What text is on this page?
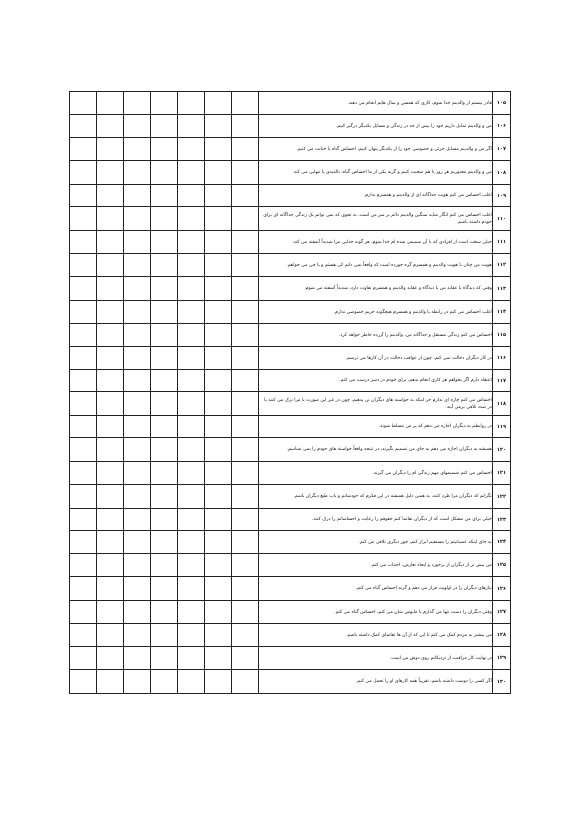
							قادر نیستم از والدینم جدا شوم، کاری که همسن و سال هایم انجام می دهند.	۱۰۵
							من و والدینم تمایل داریم خود را بیش از حد در زندگی و مسایل یکدیگر درگیر کنیم.	۱۰۶
							اگر من و والدینم مسایل جزئی و خصوصی خود را از یکدیگر پنهان کنیم، احساس گناه یا خیانت می کنیم.	۱۰۷
							من و والدینم مجبوریم هر روز یا هم صحبت کنیم و گرنه یکی از ما احساس گناه، ناامیدی یا تنهایی می کند.	۱۰۸
							اغلب احساس می کنم هویت جداگانه ای از والدینم و همسرم ندارم.	۱۰۹
							اغلب احساس می کنم انگار سایه سنگین والدینم دائم بر سر من است، به نحوی که نمی توانم یک زندگی جداگانه ای برای خودم داشته باشم.	۱۱۰
							خیلی سخت است از افرادی که با آن صمیمی شده ام جدا شوم، هر گونه جدایی مرا شدیداً آشفته می کند.	۱۱۱
							هویت من چنان با هویت والدینم و همسرم گره خورده است که واقعاً نمی دانم کی هستم و یا چی می خواهم.	۱۱۲
							وقتی که دیدگاه یا عقاید من با دیدگاه و عقاید والدینم و همسرم تفاوت دارد، شدیداً آشفته می شوم.	۱۱۳
							اغلب احساس می کنم در رابطه با والدینم و همسرم هیچگونه حریم خصوصی ندارم.	۱۱۴
							احساس می کنم زندگی مستقل و جداگانه من، والدینم را آزرده خاطر خواهد کرد.	۱۱۵
							در کار دیگران دخالت نمی کنم، چون از عواقب دخالت در آن کارها می ترسم.	۱۱۶
							اعتقاد دارم اگر بخواهم هر کاری انجام بدهم، برای خودم در دسر درست می کنم.	۱۱۷
							احساس می کنم چاره ای ندارم جز اینکه به خواسته های دیگران تن بدهیم، چون در غیر این صورت یا مرا ترک می کنند یا در صدد تلافی برمی آیند.	۱۱۸
							در روابطم به دیگران اجازه می دهم که بر من مسلط شوند.	۱۱۹
							همیشه به دیگران اجازه می دهم به جای من تصمیم بگیرند، در نتیجه واقعاً خواسته های خودم را نمی شناسم.	۱۲۰
							احساس می کنم تصمیمهای مهم زندگی ام را دیگران می گیرند.	۱۲۱
							نگرانم که دیگران مرا طرد کنند، به همین دلیل همیشه در این فکرم که خودشانم و باب طبع دیگران باشم.	۱۲۲
							خیلی برای من مشکل است که از دیگران تقاضا کنم حقوقم را رعایت و احساساتم را درک کنند.	۱۲۳
							به جای اینکه عصبانیتم را مستقیم ابراز کنم، جور دیگری تلافی می کنم.	۱۲۴
							من بیش تر از دیگران از برخورد و ایجاد تعارض، اجتناب می کنم.	۱۲۵
							نیازهای دیگران را در اولویت قرار می دهم و گرنه احساس گناه می کنم.	۱۲۶
							وقتی دیگران را دست تنها می گذارم یا مایوس شان می کنم، احساس گناه می کنم.	۱۲۷
							من بیشتر به مردم کمک می کنم تا این که از آن ها تقاضای کمک داشته باشم.	۱۲۸
							در نهایت کار مراقبت از نزدیکانم روی دوش من است.	۱۲۹
							اگر کسی را دوست داشته باشم، تقریباً همه کارهای او را تحمل می کنم.	۱۳۰
